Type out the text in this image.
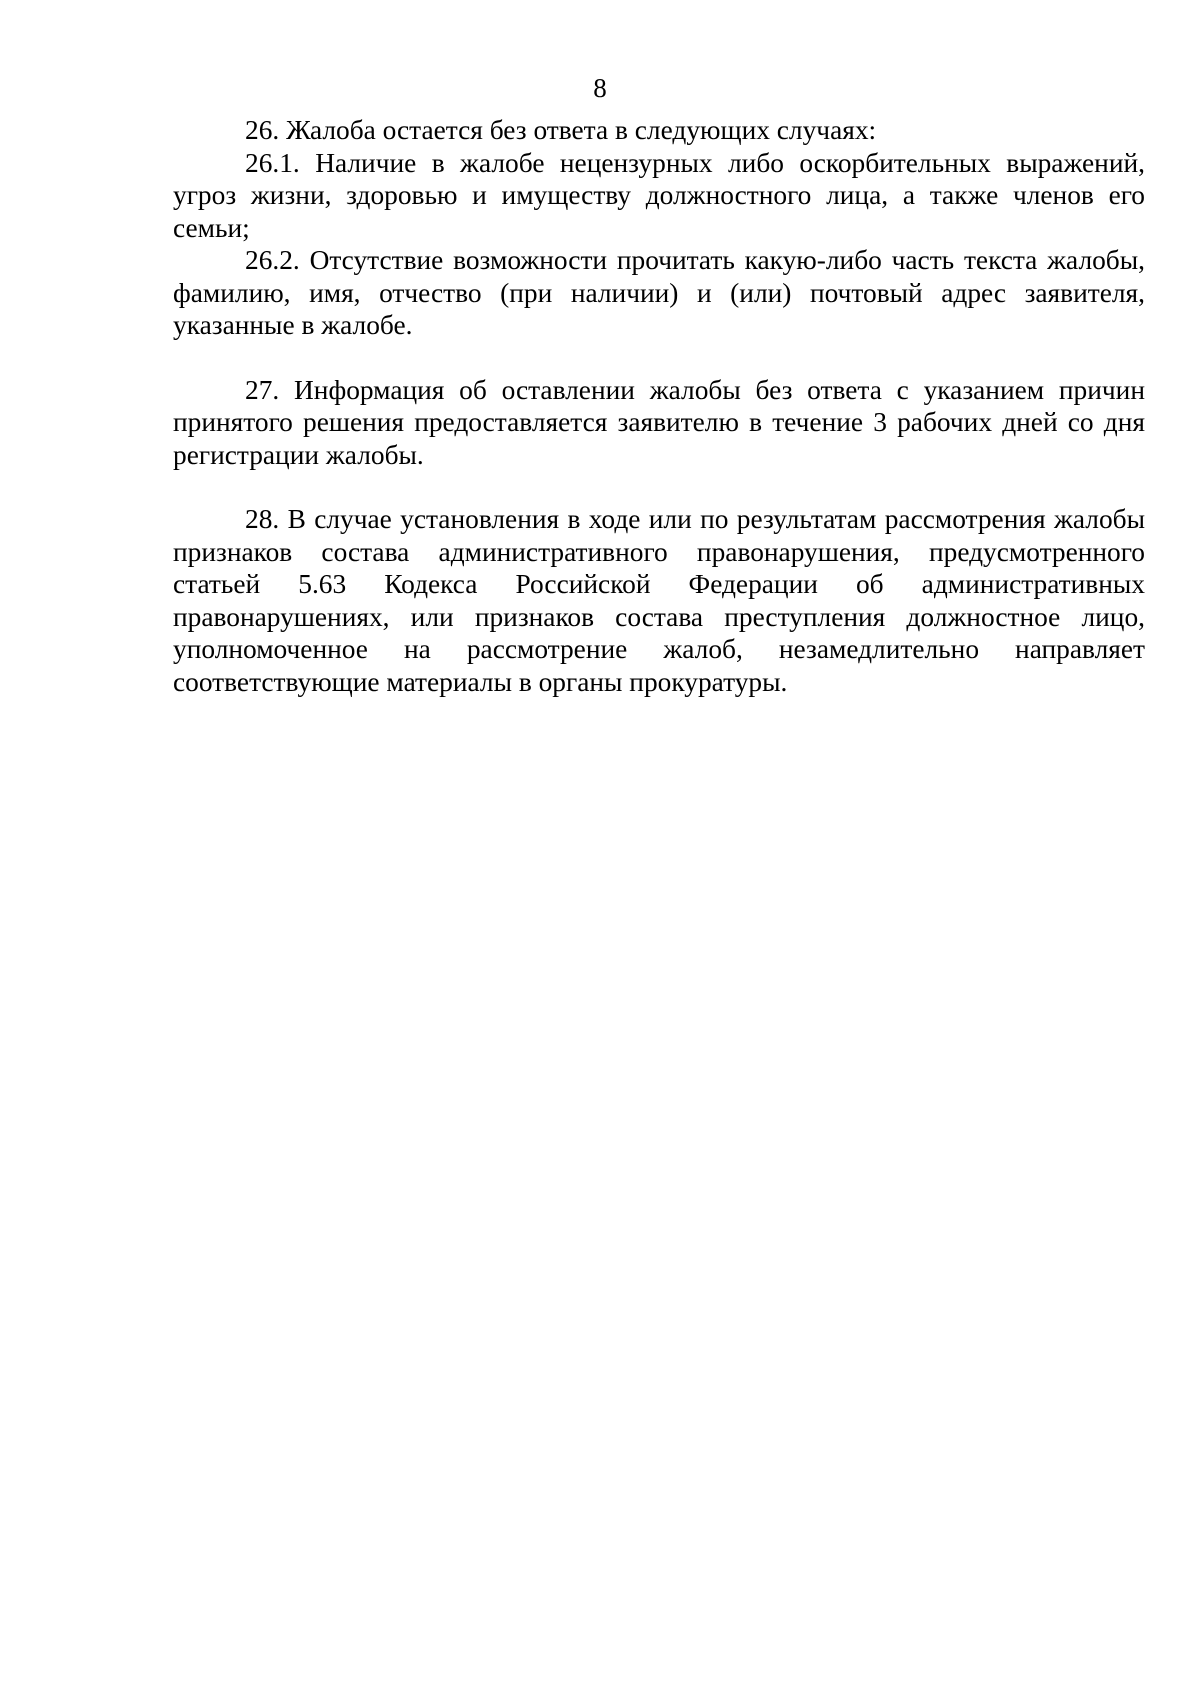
8

26. Жалоба остается без ответа в следующих случаях:

26.1. Наличие в жалобе нецензурных либо оскорбительных выражений, угроз жизни, здоровью и имуществу должностного лица, а также членов его семьи;

26.2. Отсутствие возможности прочитать какую-либо часть текста жалобы, фамилию, имя, отчество (при наличии) и (или) почтовый адрес заявителя, указанные в жалобе.

27. Информация об оставлении жалобы без ответа с указанием причин принятого решения предоставляется заявителю в течение 3 рабочих дней со дня регистрации жалобы.

28. В случае установления в ходе или по результатам рассмотрения жалобы признаков состава административного правонарушения, предусмотренного статьей 5.63 Кодекса Российской Федерации об административных правонарушениях, или признаков состава преступления должностное лицо, уполномоченное на рассмотрение жалоб, незамедлительно направляет соответствующие материалы в органы прокуратуры.
